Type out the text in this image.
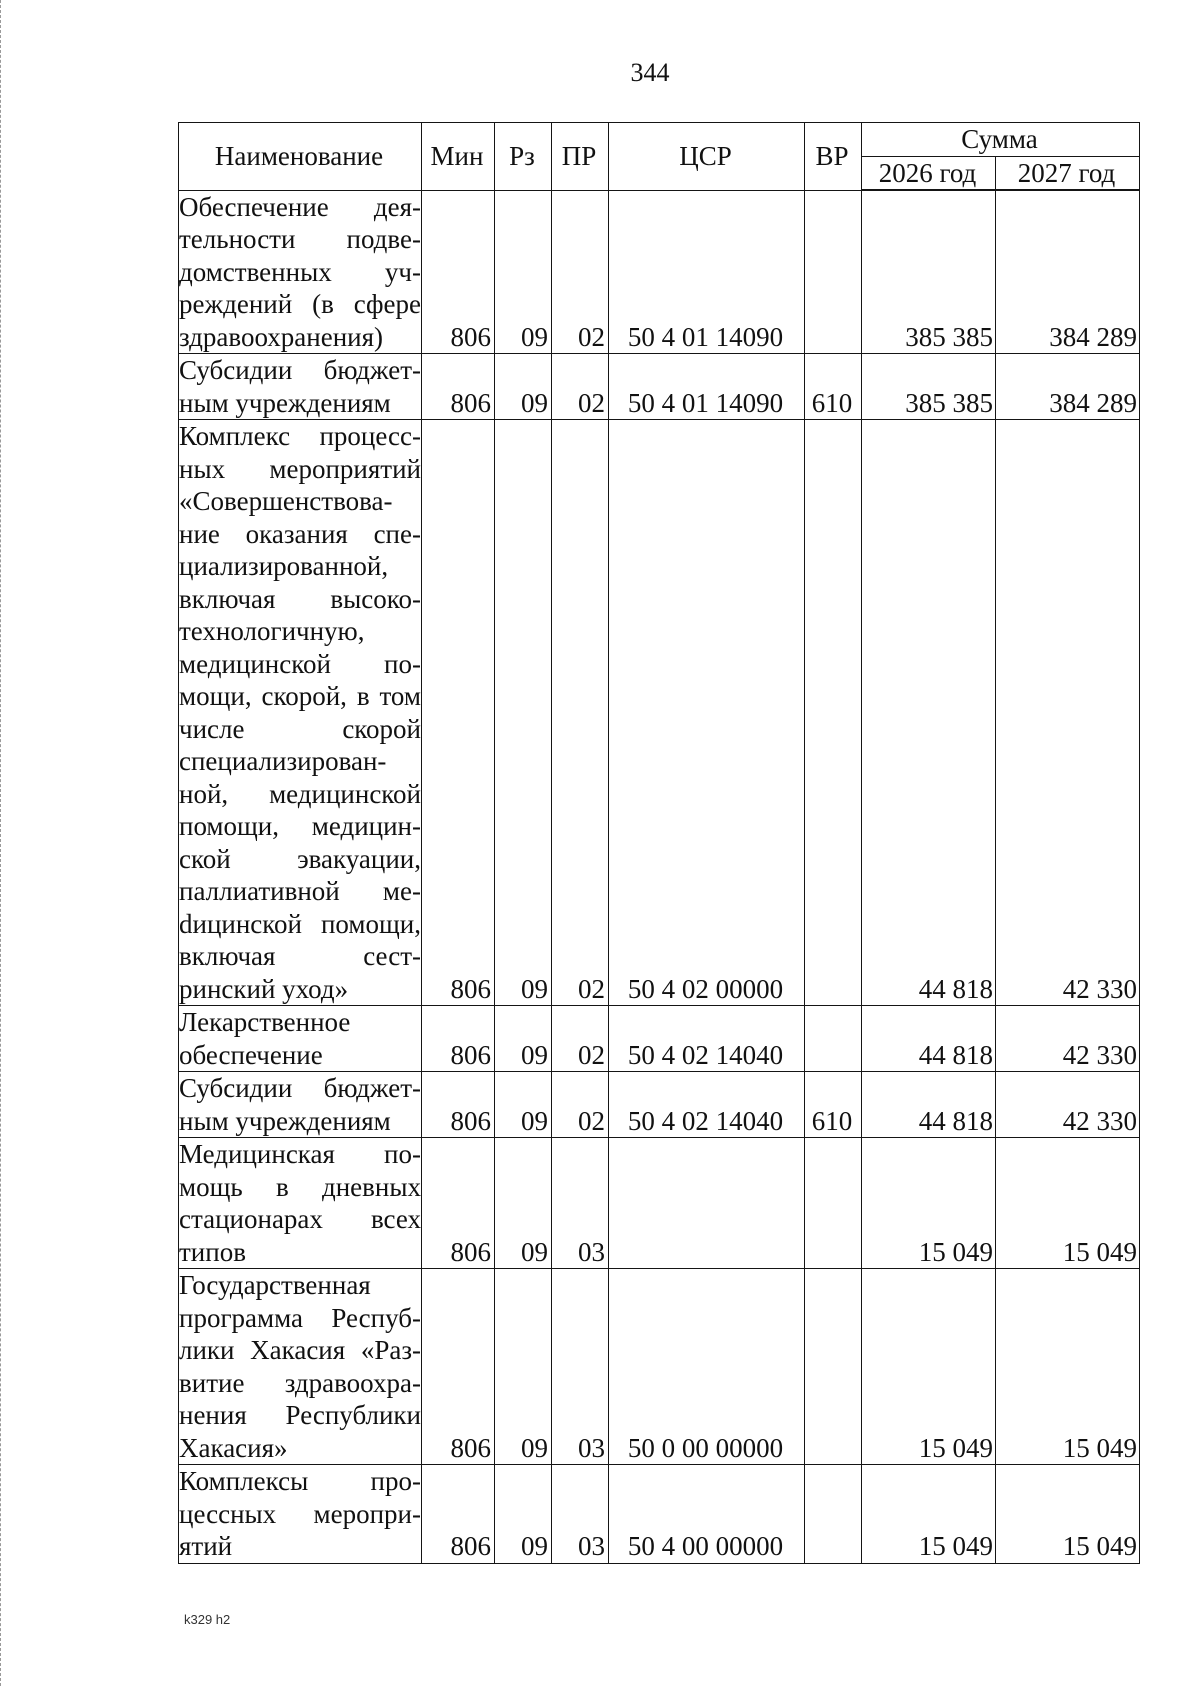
344
Наименование	Мин	Рз	ПР	ЦСР	ВР	Сумма	
						2026 год	2027 год
Обеспечение деятельности подведомственных учреждений (в сфере здравоохранения)	806	09	02	50 4 01 14090		385 385	384 289
Субсидии бюджетным учреждениям	806	09	02	50 4 01 14090	610	385 385	384 289
Комплекс процессных мероприятий «Совершенствование оказания специализированной, включая высокотехнологичную, медицинской помощи, скорой, в том числе скорой специализированной, медицинской помощи, медицинской эвакуации, паллиативной меdицинской помощи, включая сестринский уход»	806	09	02	50 4 02 00000		44 818	42 330
Лекарственное обеспечение	806	09	02	50 4 02 14040		44 818	42 330
Субсидии бюджетным учреждениям	806	09	02	50 4 02 14040	610	44 818	42 330
Медицинская помощь в дневных стационарах всех типов	806	09	03			15 049	15 049
Государственная программа Республики Хакасия «Развитие здравоохранения Республики Хакасия»	806	09	03	50 0 00 00000		15 049	15 049
Комплексы процессных мероприятий	806	09	03	50 4 00 00000		15 049	15 049
k329 h2
